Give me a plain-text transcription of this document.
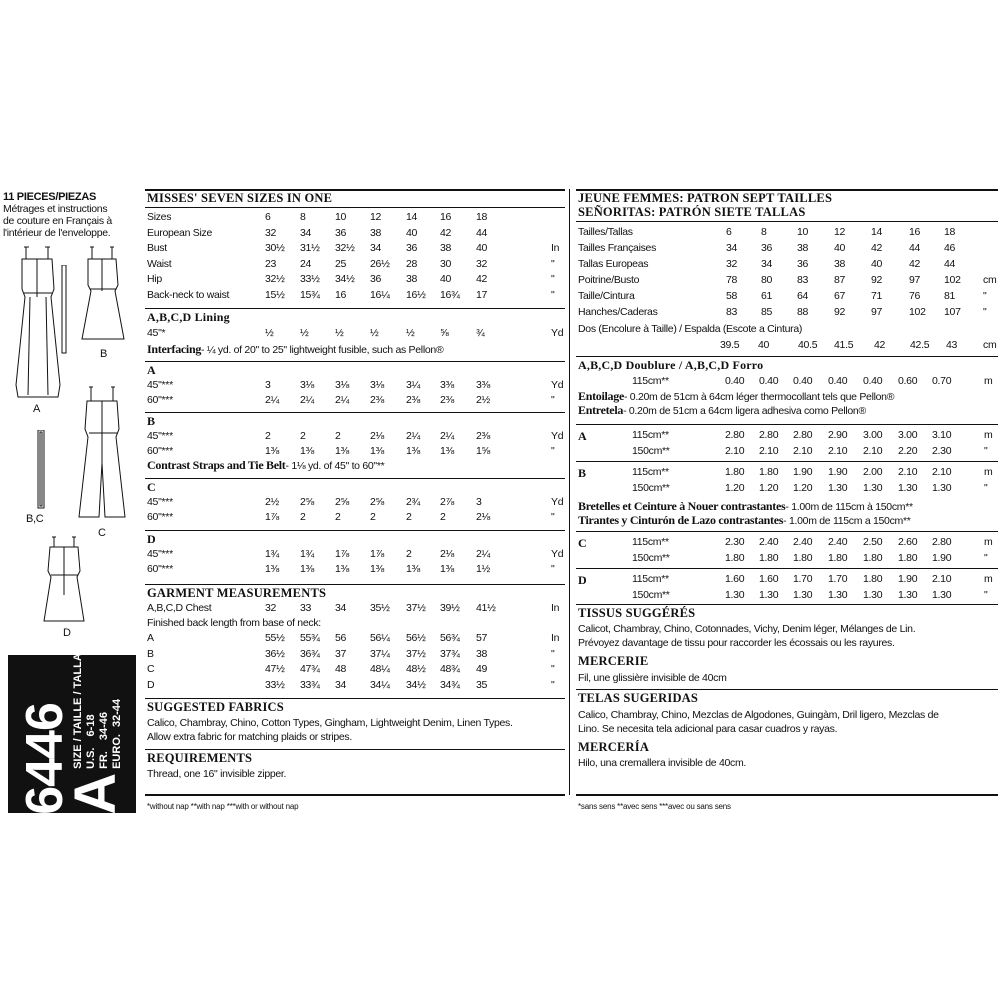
11 PIECES/PIEZAS
Métrages et instructions
de couture en Français à
l'intérieur de l'enveloppe.
A
B
B,C
C
D
6446
A
SIZE / TAILLE / TALLA U.S. 6-18
FR. 34-46
EURO. 32-44
MISSES' SEVEN SIZES IN ONE
Sizes	6	8	10 12 14 16 18
European Size	32 34 36 38 40 42 44
Bust	30½ 31½ 32½ 34 36 38 40	In
Waist	23 24 25 26½ 28 30 32	"
Hip	32½ 33½ 34½ 36 38 40 42	"
Back-neck to waist	15½ 15¾ 16 16¼ 16½ 16¾ 17	"
A,B,C,D Lining
45"*	½	½	½	½	½ ⅝	¾	Yd
Interfacing- ¼ yd. of 20" to 25" lightweight fusible, such as Pellon®
A
45"***	3	3⅛ 3⅛ 3⅛ 3¼ 3⅜ 3⅜	Yd
60"***	2¼ 2¼ 2¼ 2⅜ 2⅜ 2⅜ 2½	"
B
45"***	2	2	2	2⅛ 2¼ 2¼ 2⅜	Yd
60"***	1⅜ 1⅜ 1⅜ 1⅜ 1⅜ 1⅜ 1⅝	"
Contrast Straps and Tie Belt- 1⅛ yd. of 45" to 60"**
C
45"***	2½ 2⅝ 2⅝ 2⅝ 2¾ 2⅞ 3	Yd
60"***	1⅞ 2	2	2	2	2	2⅛	"
D
45"***	1¾ 1¾ 1⅞ 1⅞ 2	2⅛ 2¼	Yd
60"***	1⅜ 1⅜ 1⅜ 1⅜ 1⅜ 1⅜ 1½	"
GARMENT MEASUREMENTS
A,B,C,D Chest	32 33 34 35½ 37½ 39½ 41½	In
Finished back length from base of neck:
A	55½ 55¾ 56 56¼ 56½ 56¾ 57	In
B	36½ 36¾ 37 37¼ 37½ 37¾ 38	"
C	47½ 47¾ 48 48¼ 48½ 48¾ 49	"
D	33½ 33¾ 34 34¼ 34½ 34¾ 35	"
SUGGESTED FABRICS
Calico, Chambray, Chino, Cotton Types, Gingham, Lightweight Denim, Linen Types.
Allow extra fabric for matching plaids or stripes.
REQUIREMENTS
Thread, one 16" invisible zipper.
*without nap **with nap ***with or without nap
JEUNE FEMMES: PATRON SEPT TAILLES
SEÑORITAS: PATRÓN SIETE TALLAS
Tailles/Tallas	6	8	10 12 14	16 18
Tailles Françaises	34 36 38 40 42	44 46
Tallas Europeas	32 34 36 38 40	42 44
Poitrine/Busto	78 80 83 87 92	97 102 cm
Taille/Cintura	58 61 64 67 71	76 81	"
Hanches/Caderas	83 85 88 92 97	102 107 "
Dos (Encolure à Taille) / Espalda (Escote a Cintura)
39.5 40	40.5 41.5 42 42.5 43 cm
A,B,C,D Doublure / A,B,C,D Forro
115cm**	0.40 0.40 0.40 0.40 0.40 0.60 0.70	m
Entoilage- 0.20m de 51cm à 64cm léger thermocollant tels que Pellon®
Entretela- 0.20m de 51cm a 64cm ligera adhesiva como Pellon®
A	115cm**	2.80 2.80 2.80 2.90 3.00 3.00 3.10	m
150cm**	2.10 2.10 2.10 2.10 2.10 2.20 2.30	"
B	115cm**	1.80 1.80 1.90 1.90 2.00 2.10 2.10	m
150cm**	1.20 1.20 1.20 1.30 1.30 1.30 1.30	"
Bretelles et Ceinture à Nouer contrastantes- 1.00m de 115cm à 150cm**
Tirantes y Cinturón de Lazo contrastantes- 1.00m de 115cm a 150cm**
C	115cm**	2.30 2.40 2.40 2.40 2.50 2.60 2.80	m
150cm**	1.80 1.80 1.80 1.80 1.80 1.80 1.90	"
D	115cm**	1.60 1.60 1.70 1.70 1.80 1.90 2.10	m
150cm**	1.30 1.30 1.30 1.30 1.30 1.30 1.30	"
TISSUS SUGGÉRÉS
Calicot, Chambray, Chino, Cotonnades, Vichy, Denim léger, Mélanges de Lin.
Prévoyez davantage de tissu pour raccorder les écossais ou les rayures.
MERCERIE
Fil, une glissière invisible de 40cm
TELAS SUGERIDAS
Calico, Chambray, Chino, Mezclas de Algodones, Guingàm, Dril ligero, Mezclas de
Lino. Se necesita tela adicional para casar cuadros y rayas.
MERCERÍA
Hilo, una cremallera invisible de 40cm.
*sans sens **avec sens ***avec ou sans sens
